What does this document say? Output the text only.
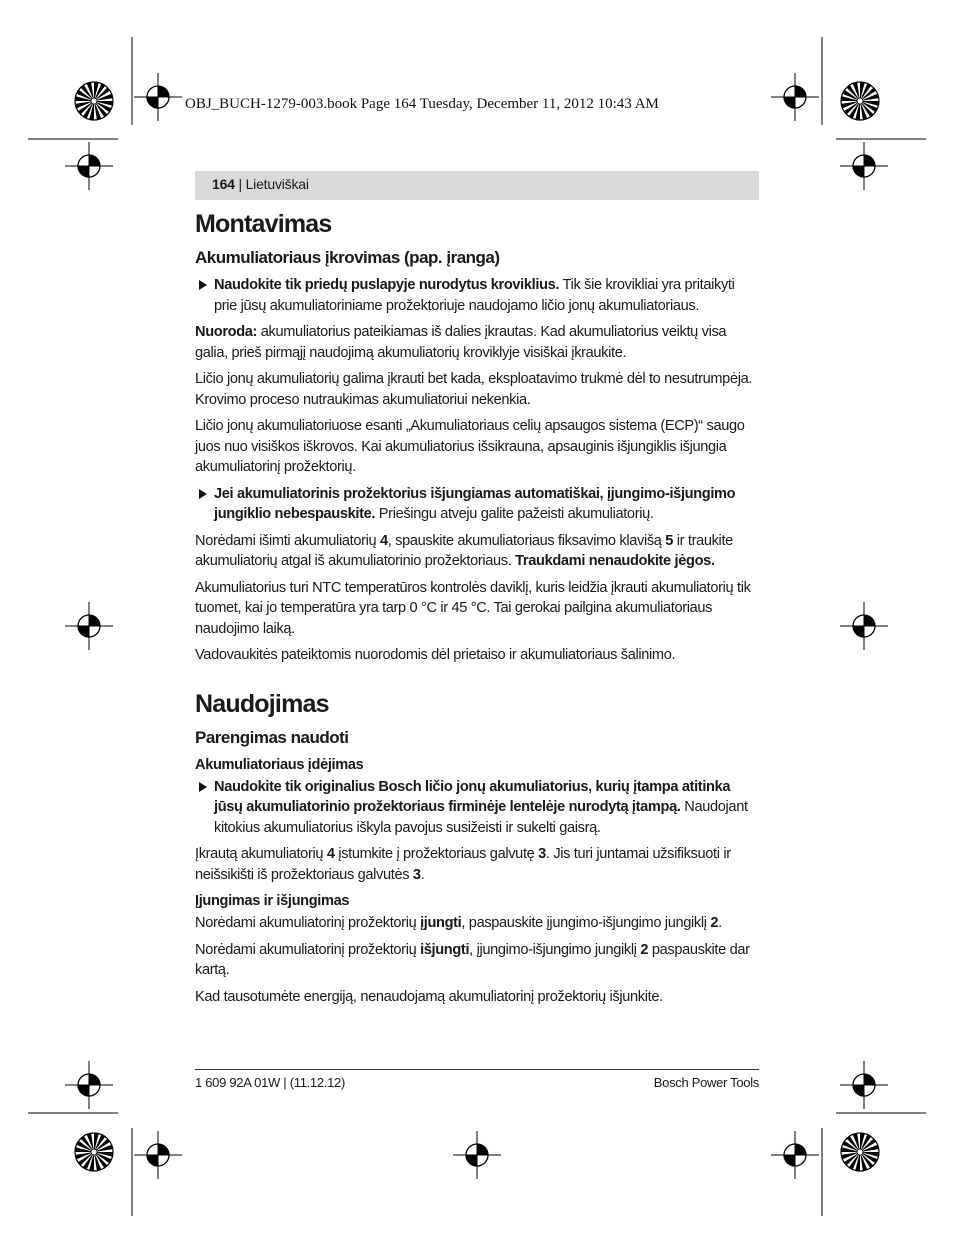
OBJ_BUCH-1279-003.book Page 164 Tuesday, December 11, 2012 10:43 AM
164 | Lietuviškai
Montavimas
Akumuliatoriaus įkrovimas (pap. įranga)
Naudokite tik priedų puslapyje nurodytus kroviklius. Tik šie krovikliai yra pritaikyti prie jūsų akumuliatoriniame prožektoriuje naudojamo ličio jonų akumuliatoriaus.

Nuoroda: akumuliatorius pateikiamas iš dalies įkrautas. Kad akumuliatorius veiktų visa galia, prieš pirmąjį naudojimą akumuliatorių kroviklyje visiškai įkraukite.

Ličio jonų akumuliatorių galima įkrauti bet kada, eksploatavimo trukmė dėl to nesutrumpėja. Krovimo proceso nutraukimas akumuliatoriui nekenkia.

Ličio jonų akumuliatoriuose esanti „Akumuliatoriaus celių apsaugos sistema (ECP)“ saugo juos nuo visiškos iškrovos. Kai akumuliatorius išsikrauna, apsauginis išjungiklis išjungia akumuliatorinį prožektorių.

Jei akumuliatorinis prožektorius išjungiamas automatiškai, įjungimo-išjungimo jungiklio nebespauskite. Priešingu atveju galite pažeisti akumuliatorių.

Norėdami išimti akumuliatorių 4, spauskite akumuliatoriaus fiksavimo klavišą 5 ir traukite akumuliatorių atgal iš akumuliatorinio prožektoriaus. Traukdami nenaudokite jėgos.

Akumuliatorius turi NTC temperatūros kontrolės daviklį, kuris leidžia įkrauti akumuliatorių tik tuomet, kai jo temperatūra yra tarp 0 °C ir 45 °C. Tai gerokai pailgina akumuliatoriaus naudojimo laiką.

Vadovaukitės pateiktomis nuorodomis dėl prietaiso ir akumuliatoriaus šalinimo.

Naudojimas
Parengimas naudoti
Akumuliatoriaus įdėjimas
Naudokite tik originalius Bosch ličio jonų akumuliatorius, kurių įtampa atitinka jūsų akumuliatorinio prožektoriaus firminėje lentelėje nurodytą įtampą. Naudojant kitokius akumuliatorius iškyla pavojus susižeisti ir sukelti gaisrą.

Įkrautą akumuliatorių 4 įstumkite į prožektoriaus galvutę 3. Jis turi juntamai užsifiksuoti ir neišsikišti iš prožektoriaus galvutės 3.

Įjungimas ir išjungimas

Norėdami akumuliatorinį prožektorių įjungti, paspauskite įjungimo-išjungimo jungiklį 2.

Norėdami akumuliatorinį prožektorių išjungti, įjungimo-išjungimo jungiklį 2 paspauskite dar kartą.

Kad tausotumėte energiją, nenaudojamą akumuliatorinį prožektorių išjunkite.

1 609 92A 01W | (11.12.12)	Bosch Power Tools
